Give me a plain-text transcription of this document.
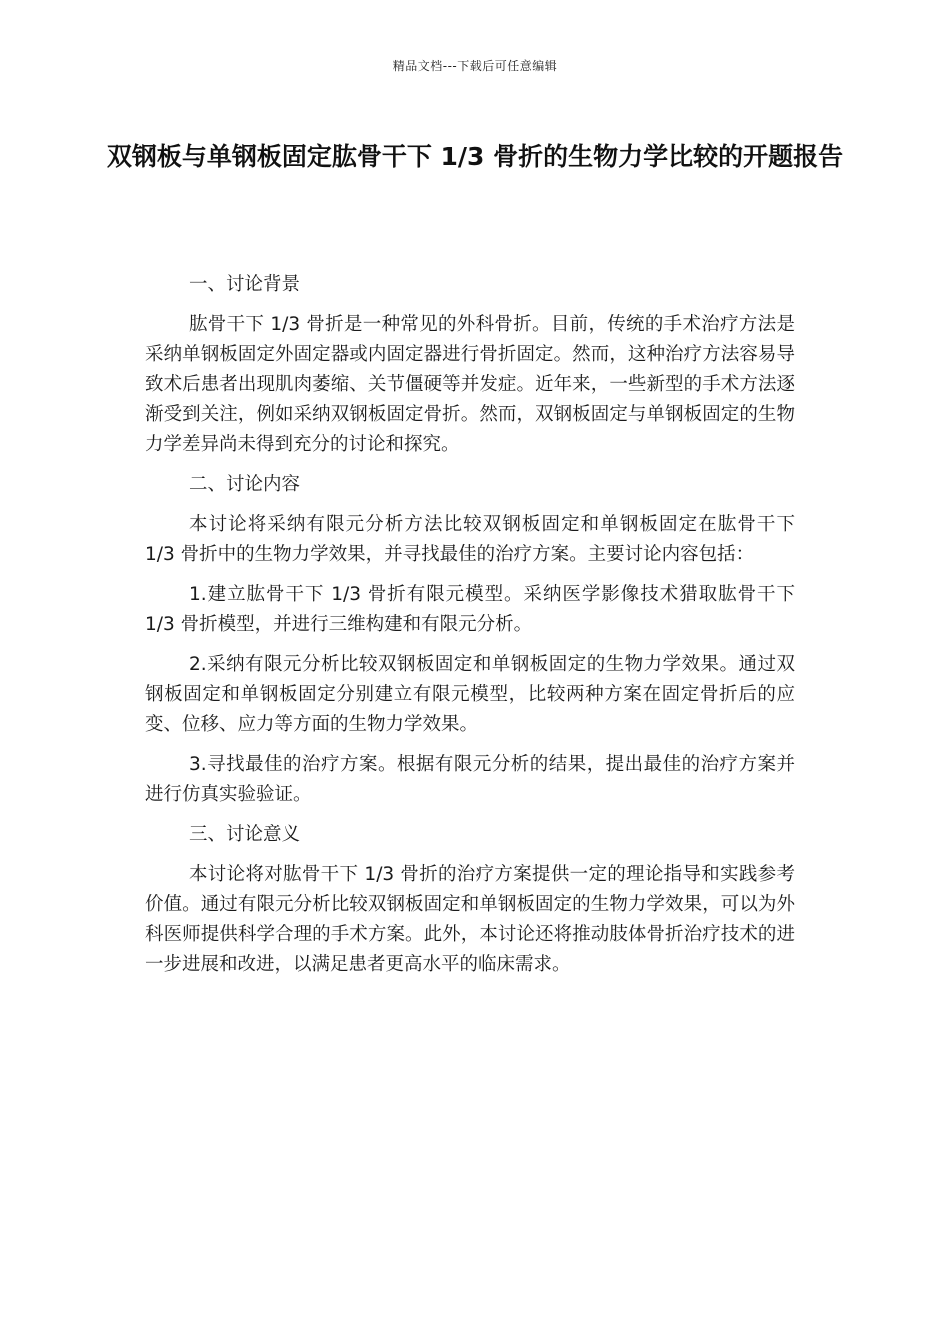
精品文档---下载后可任意编辑
双钢板与单钢板固定肱骨干下 1/3 骨折的生物力学比较的开题报告
一、讨论背景
肱骨干下 1/3 骨折是一种常见的外科骨折。目前，传统的手术治疗方法是采纳单钢板固定外固定器或内固定器进行骨折固定。然而，这种治疗方法容易导致术后患者出现肌肉萎缩、关节僵硬等并发症。近年来，一些新型的手术方法逐渐受到关注，例如采纳双钢板固定骨折。然而，双钢板固定与单钢板固定的生物力学差异尚未得到充分的讨论和探究。
二、讨论内容
本讨论将采纳有限元分析方法比较双钢板固定和单钢板固定在肱骨干下 1/3 骨折中的生物力学效果，并寻找最佳的治疗方案。主要讨论内容包括：
1.建立肱骨干下 1/3 骨折有限元模型。采纳医学影像技术猎取肱骨干下 1/3 骨折模型，并进行三维构建和有限元分析。
2.采纳有限元分析比较双钢板固定和单钢板固定的生物力学效果。通过双钢板固定和单钢板固定分别建立有限元模型，比较两种方案在固定骨折后的应变、位移、应力等方面的生物力学效果。
3.寻找最佳的治疗方案。根据有限元分析的结果，提出最佳的治疗方案并进行仿真实验验证。
三、讨论意义
本讨论将对肱骨干下 1/3 骨折的治疗方案提供一定的理论指导和实践参考价值。通过有限元分析比较双钢板固定和单钢板固定的生物力学效果，可以为外科医师提供科学合理的手术方案。此外，本讨论还将推动肢体骨折治疗技术的进一步进展和改进，以满足患者更高水平的临床需求。
